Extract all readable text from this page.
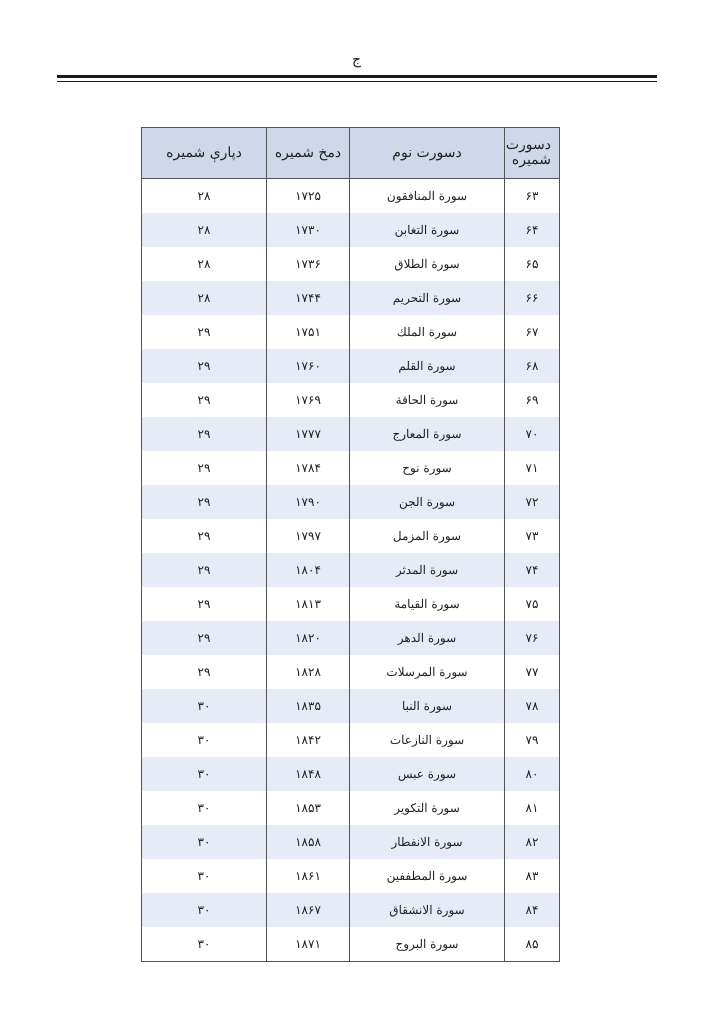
ج
دسورت شمیره	دسورت نوم	دمخ شمیره	دپارې شمیره
۶۳	سورة المنافقون	۱۷۲۵	۲۸
۶۴	سورة التغابن	۱۷۳۰	۲۸
۶۵	سورة الطلاق	۱۷۳۶	۲۸
۶۶	سورة التحريم	۱۷۴۴	۲۸
۶۷	سورة الملك	۱۷۵۱	۲۹
۶۸	سورة القلم	۱۷۶۰	۲۹
۶۹	سورة الحاقة	۱۷۶۹	۲۹
۷۰	سورة المعارج	۱۷۷۷	۲۹
۷۱	سورة نوح	۱۷۸۴	۲۹
۷۲	سورة الجن	۱۷۹۰	۲۹
۷۳	سورة المزمل	۱۷۹۷	۲۹
۷۴	سورة المدثر	۱۸۰۴	۲۹
۷۵	سورة القيامة	۱۸۱۳	۲۹
۷۶	سورة الدهر	۱۸۲۰	۲۹
۷۷	سورة المرسلات	۱۸۲۸	۲۹
۷۸	سورة النبا	۱۸۳۵	۳۰
۷۹	سورة النازعات	۱۸۴۲	۳۰
۸۰	سورة عبس	۱۸۴۸	۳۰
۸۱	سورة التكوير	۱۸۵۳	۳۰
۸۲	سورة الانفطار	۱۸۵۸	۳۰
۸۳	سورة المطففين	۱۸۶۱	۳۰
۸۴	سورة الانشقاق	۱۸۶۷	۳۰
۸۵	سورة البروج	۱۸۷۱	۳۰
